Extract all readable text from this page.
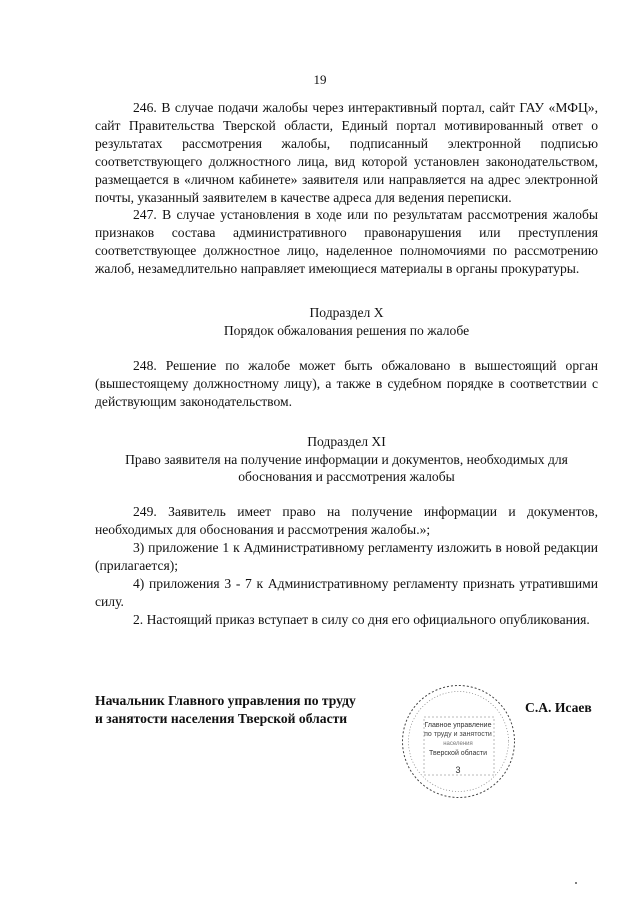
19

246. В случае подачи жалобы через интерактивный портал, сайт ГАУ «МФЦ», сайт Правительства Тверской области, Единый портал мотивированный ответ о результатах рассмотрения жалобы, подписанный электронной подписью соответствующего должностного лица, вид которой установлен законодательством, размещается в «личном кабинете» заявителя или направляется на адрес электронной почты, указанный заявителем в качестве адреса для ведения переписки.

247. В случае установления в ходе или по результатам рассмотрения жалобы признаков состава административного правонарушения или преступления соответствующее должностное лицо, наделенное полномочиями по рассмотрению жалоб, незамедлительно направляет имеющиеся материалы в органы прокуратуры.

Подраздел X

Порядок обжалования решения по жалобе

248. Решение по жалобе может быть обжаловано в вышестоящий орган (вышестоящему должностному лицу), а также в судебном порядке в соответствии с действующим законодательством.

Подраздел XI

Право заявителя на получение информации и документов, необходимых для обоснования и рассмотрения жалобы

249. Заявитель имеет право на получение информации и документов, необходимых для обоснования и рассмотрения жалобы.»;

3) приложение 1 к Административному регламенту изложить в новой редакции (прилагается);

4) приложения 3 - 7 к Административному регламенту признать утратившими силу.

2. Настоящий приказ вступает в силу со дня его официального опубликования.

Начальник Главного управления по труду
и занятости населения Тверской области	Главное управление
по труду и занятости
населения
Тверской области
3
С.А. Исаев
